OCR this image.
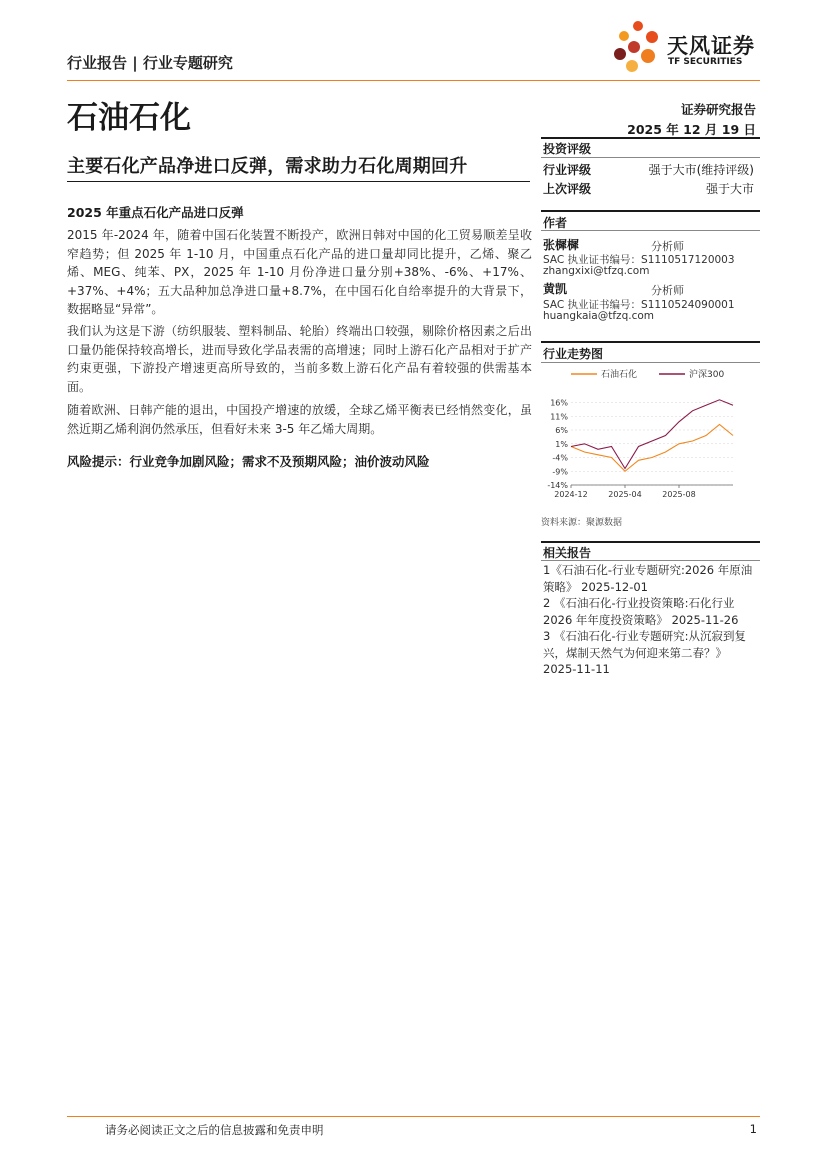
行业报告 | 行业专题研究
天风证券
TF SECURITIES
石油石化	证券研究报告
2025 年 12 月 19 日
主要石化产品净进口反弹，需求助力石化周期回升
2025 年重点石化产品进口反弹

2015 年-2024 年，随着中国石化装置不断投产，欧洲日韩对中国的化工贸易顺差呈收窄趋势；但 2025 年 1-10 月，中国重点石化产品的进口量却同比提升，乙烯、聚乙烯、MEG、纯苯、PX，2025 年 1-10 月份净进口量分别+38%、-6%、+17%、+37%、+4%；五大品种加总净进口量+8.7%，在中国石化自给率提升的大背景下，数据略显“异常”。

我们认为这是下游（纺织服装、塑料制品、轮胎）终端出口较强，剔除价格因素之后出口量仍能保持较高增长，进而导致化学品表需的高增速；同时上游石化产品相对于扩产约束更强，下游投产增速更高所导致的，当前多数上游石化产品有着较强的供需基本面。

随着欧洲、日韩产能的退出，中国投产增速的放缓，全球乙烯平衡表已经悄然变化，虽然近期乙烯利润仍然承压，但看好未来 3-5 年乙烯大周期。

风险提示：行业竞争加剧风险；需求不及预期风险；油价波动风险
投资评级
行业评级	强于大市(维持评级)
上次评级	强于大市
作者
张樨樨	分析师
SAC 执业证书编号：S1110517120003
zhangxixi@tfzq.com
黄凯	分析师
SAC 执业证书编号：S1110524090001
huangkaia@tfzq.com
行业走势图
石油石化	沪深300
16%
11%
6%
1%
-4%
-9%
-14%
2024-12	2025-04	2025-08
资料来源：聚源数据
相关报告
1《石油石化-行业专题研究:2026 年原油策略》 2025-12-01
2 《石油石化-行业投资策略:石化行业 2026 年年度投资策略》 2025-11-26
3 《石油石化-行业专题研究:从沉寂到复兴，煤制天然气为何迎来第二春？》 2025-11-11
请务必阅读正文之后的信息披露和免责申明	1
